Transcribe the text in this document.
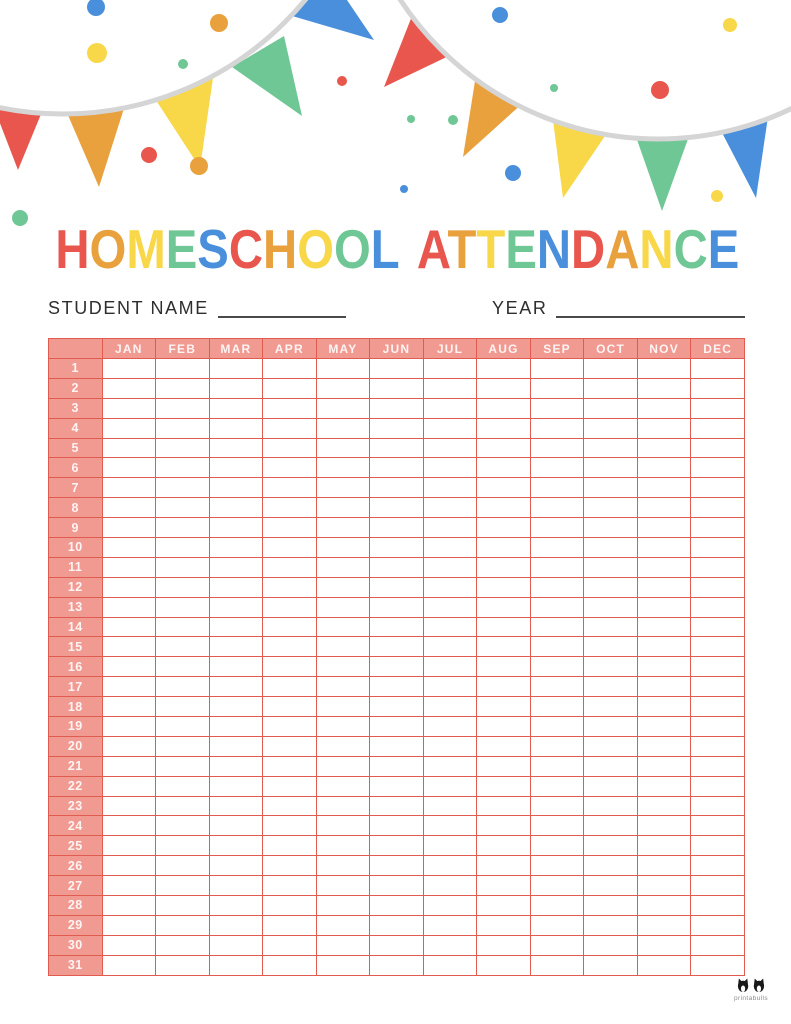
HOMESCHOOL ATTENDANCE
STUDENT NAME	YEAR
	JAN	FEB	MAR	APR	MAY	JUN	JUL	AUG	SEP	OCT	NOV	DEC
1												
2												
3												
4												
5												
6												
7												
8												
9												
10												
11												
12												
13												
14												
15												
16												
17												
18												
19												
20												
21												
22												
23												
24												
25												
26												
27												
28												
29												
30												
31												
printabulls
